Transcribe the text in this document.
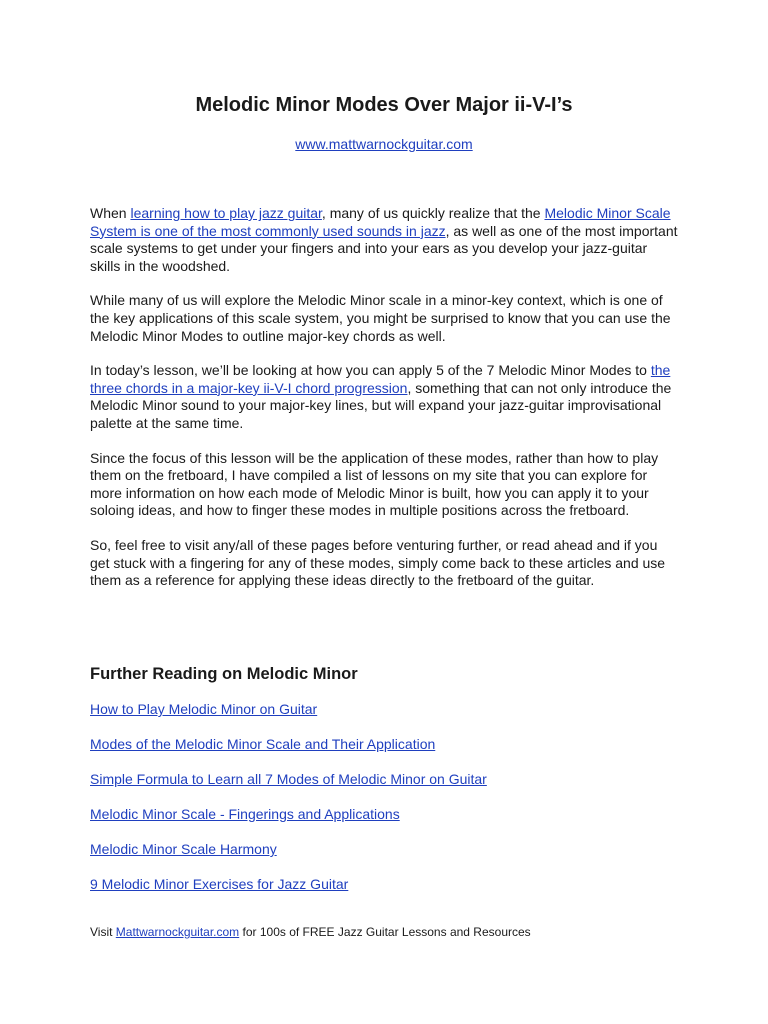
Melodic Minor Modes Over Major ii-V-I’s
www.mattwarnockguitar.com

When learning how to play jazz guitar, many of us quickly realize that the Melodic Minor Scale System is one of the most commonly used sounds in jazz, as well as one of the most important scale systems to get under your fingers and into your ears as you develop your jazz-guitar skills in the woodshed.

While many of us will explore the Melodic Minor scale in a minor-key context, which is one of the key applications of this scale system, you might be surprised to know that you can use the Melodic Minor Modes to outline major-key chords as well.

In today’s lesson, we’ll be looking at how you can apply 5 of the 7 Melodic Minor Modes to the three chords in a major-key ii-V-I chord progression, something that can not only introduce the Melodic Minor sound to your major-key lines, but will expand your jazz-guitar improvisational palette at the same time.

Since the focus of this lesson will be the application of these modes, rather than how to play them on the fretboard, I have compiled a list of lessons on my site that you can explore for more information on how each mode of Melodic Minor is built, how you can apply it to your soloing ideas, and how to finger these modes in multiple positions across the fretboard.

So, feel free to visit any/all of these pages before venturing further, or read ahead and if you get stuck with a fingering for any of these modes, simply come back to these articles and use them as a reference for applying these ideas directly to the fretboard of the guitar.

Further Reading on Melodic Minor
How to Play Melodic Minor on Guitar
Modes of the Melodic Minor Scale and Their Application
Simple Formula to Learn all 7 Modes of Melodic Minor on Guitar
Melodic Minor Scale - Fingerings and Applications
Melodic Minor Scale Harmony
9 Melodic Minor Exercises for Jazz Guitar
Visit Mattwarnockguitar.com for 100s of FREE Jazz Guitar Lessons and Resources
